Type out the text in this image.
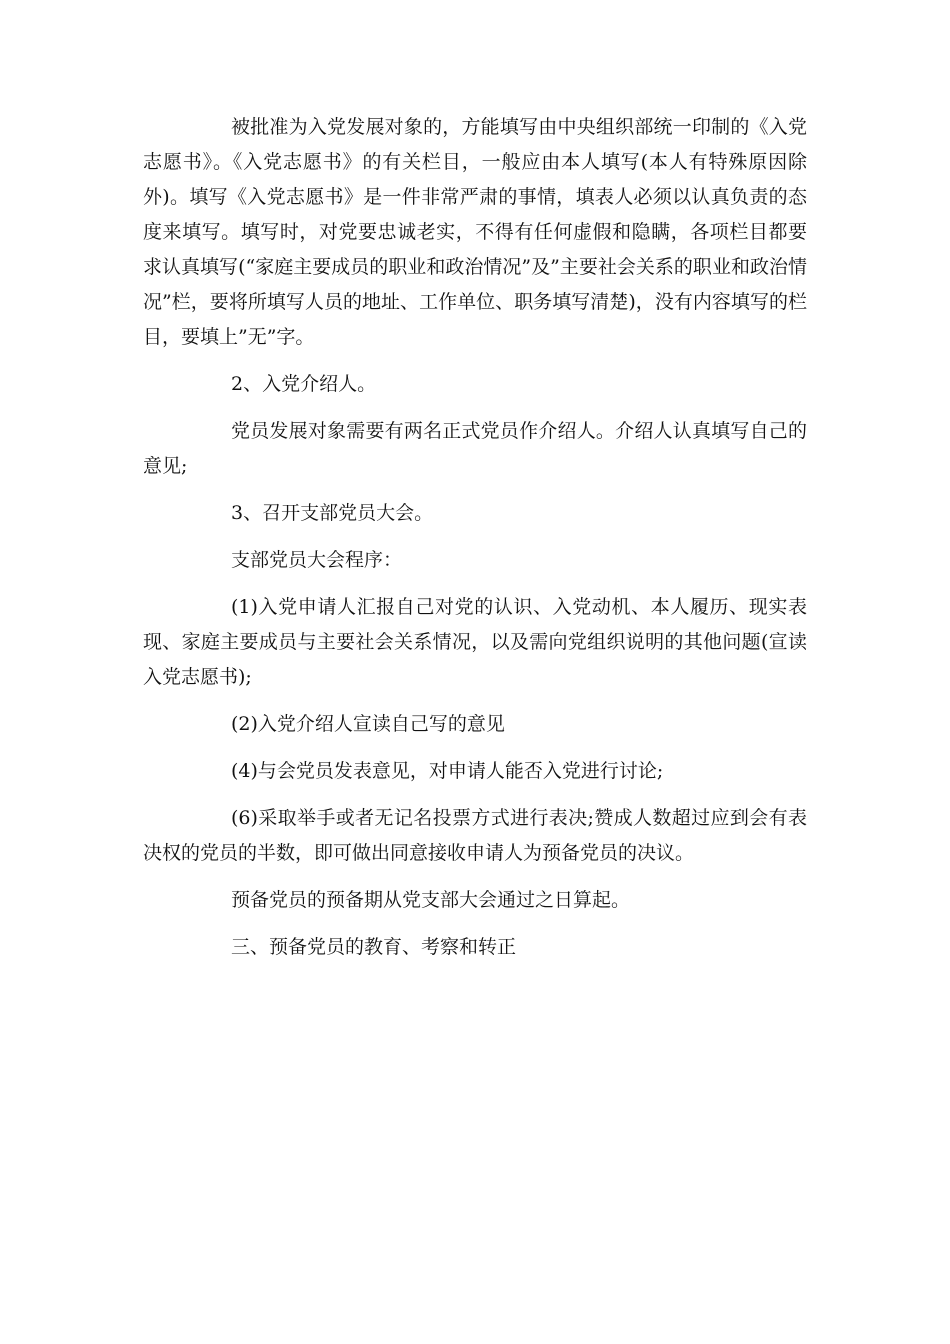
被批准为入党发展对象的，方能填写由中央组织部统一印制的《入党志愿书》。《入党志愿书》的有关栏目，一般应由本人填写(本人有特殊原因除外)。填写《入党志愿书》是一件非常严肃的事情，填表人必须以认真负责的态度来填写。填写时，对党要忠诚老实，不得有任何虚假和隐瞒，各项栏目都要求认真填写(“家庭主要成员的职业和政治情况”及”主要社会关系的职业和政治情况”栏，要将所填写人员的地址、工作单位、职务填写清楚)，没有内容填写的栏目，要填上”无”字。

2、入党介绍人。

党员发展对象需要有两名正式党员作介绍人。介绍人认真填写自己的意见;

3、召开支部党员大会。

支部党员大会程序：

(1)入党申请人汇报自己对党的认识、入党动机、本人履历、现实表现、家庭主要成员与主要社会关系情况，以及需向党组织说明的其他问题(宣读入党志愿书);

(2)入党介绍人宣读自己写的意见

(4)与会党员发表意见，对申请人能否入党进行讨论;

(6)采取举手或者无记名投票方式进行表决;赞成人数超过应到会有表决权的党员的半数，即可做出同意接收申请人为预备党员的决议。

预备党员的预备期从党支部大会通过之日算起。

三、预备党员的教育、考察和转正
